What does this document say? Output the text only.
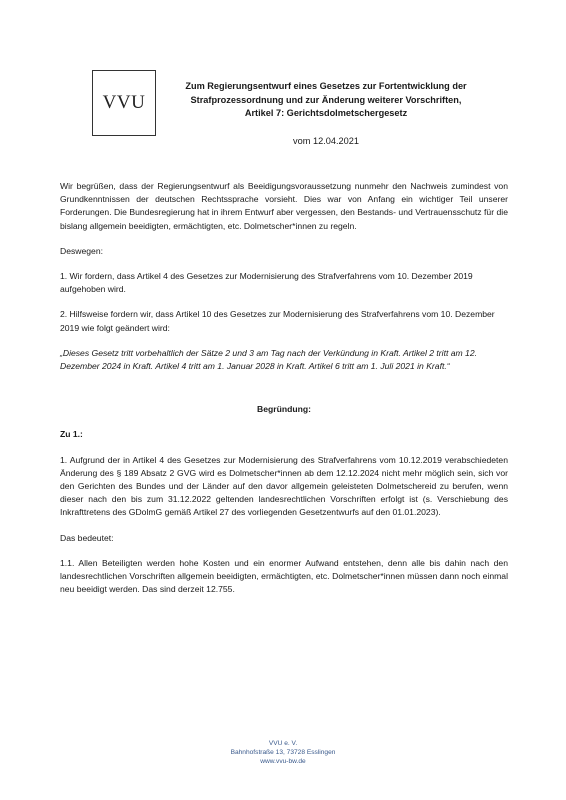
VVU
Zum Regierungsentwurf eines Gesetzes zur Fortentwicklung der
Strafprozessordnung und zur Änderung weiterer Vorschriften,
Artikel 7: Gerichtsdolmetschergesetz
vom 12.04.2021

Wir begrüßen, dass der Regierungsentwurf als Beeidigungsvoraussetzung nunmehr den Nachweis zumindest von Grundkenntnissen der deutschen Rechtssprache vorsieht. Dies war von Anfang ein wichtiger Teil unserer Forderungen. Die Bundesregierung hat in ihrem Entwurf aber vergessen, den Bestands- und Vertrauensschutz für die bislang allgemein beeidigten, ermächtigten, etc. Dolmetscher*innen zu regeln.

Deswegen:

1. Wir fordern, dass Artikel 4 des Gesetzes zur Modernisierung des Strafverfahrens vom 10. Dezember 2019 aufgehoben wird.

2. Hilfsweise fordern wir, dass Artikel 10 des Gesetzes zur Modernisierung des Strafverfahrens vom 10. Dezember 2019 wie folgt geändert wird:

„Dieses Gesetz tritt vorbehaltlich der Sätze 2 und 3 am Tag nach der Verkündung in Kraft. Artikel 2 tritt am 12. Dezember 2024 in Kraft. Artikel 4 tritt am 1. Januar 2028 in Kraft. Artikel 6 tritt am 1. Juli 2021 in Kraft.“

Begründung:
Zu 1.:

1. Aufgrund der in Artikel 4 des Gesetzes zur Modernisierung des Strafverfahrens vom 10.12.2019 verabschiedeten Änderung des § 189 Absatz 2 GVG wird es Dolmetscher*innen ab dem 12.12.2024 nicht mehr möglich sein, sich vor den Gerichten des Bundes und der Länder auf den davor allgemein geleisteten Dolmetschereid zu berufen, wenn dieser nach den bis zum 31.12.2022 geltenden landesrechtlichen Vorschriften erfolgt ist (s. Verschiebung des Inkrafttretens des GDolmG gemäß Artikel 27 des vorliegenden Gesetzentwurfs auf den 01.01.2023).

Das bedeutet:

1.1. Allen Beteiligten werden hohe Kosten und ein enormer Aufwand entstehen, denn alle bis dahin nach den landesrechtlichen Vorschriften allgemein beeidigten, ermächtigten, etc. Dolmetscher*innen müssen dann noch einmal neu beeidigt werden. Das sind derzeit 12.755.

VVU e. V.
Bahnhofstraße 13, 73728 Esslingen
www.vvu-bw.de
